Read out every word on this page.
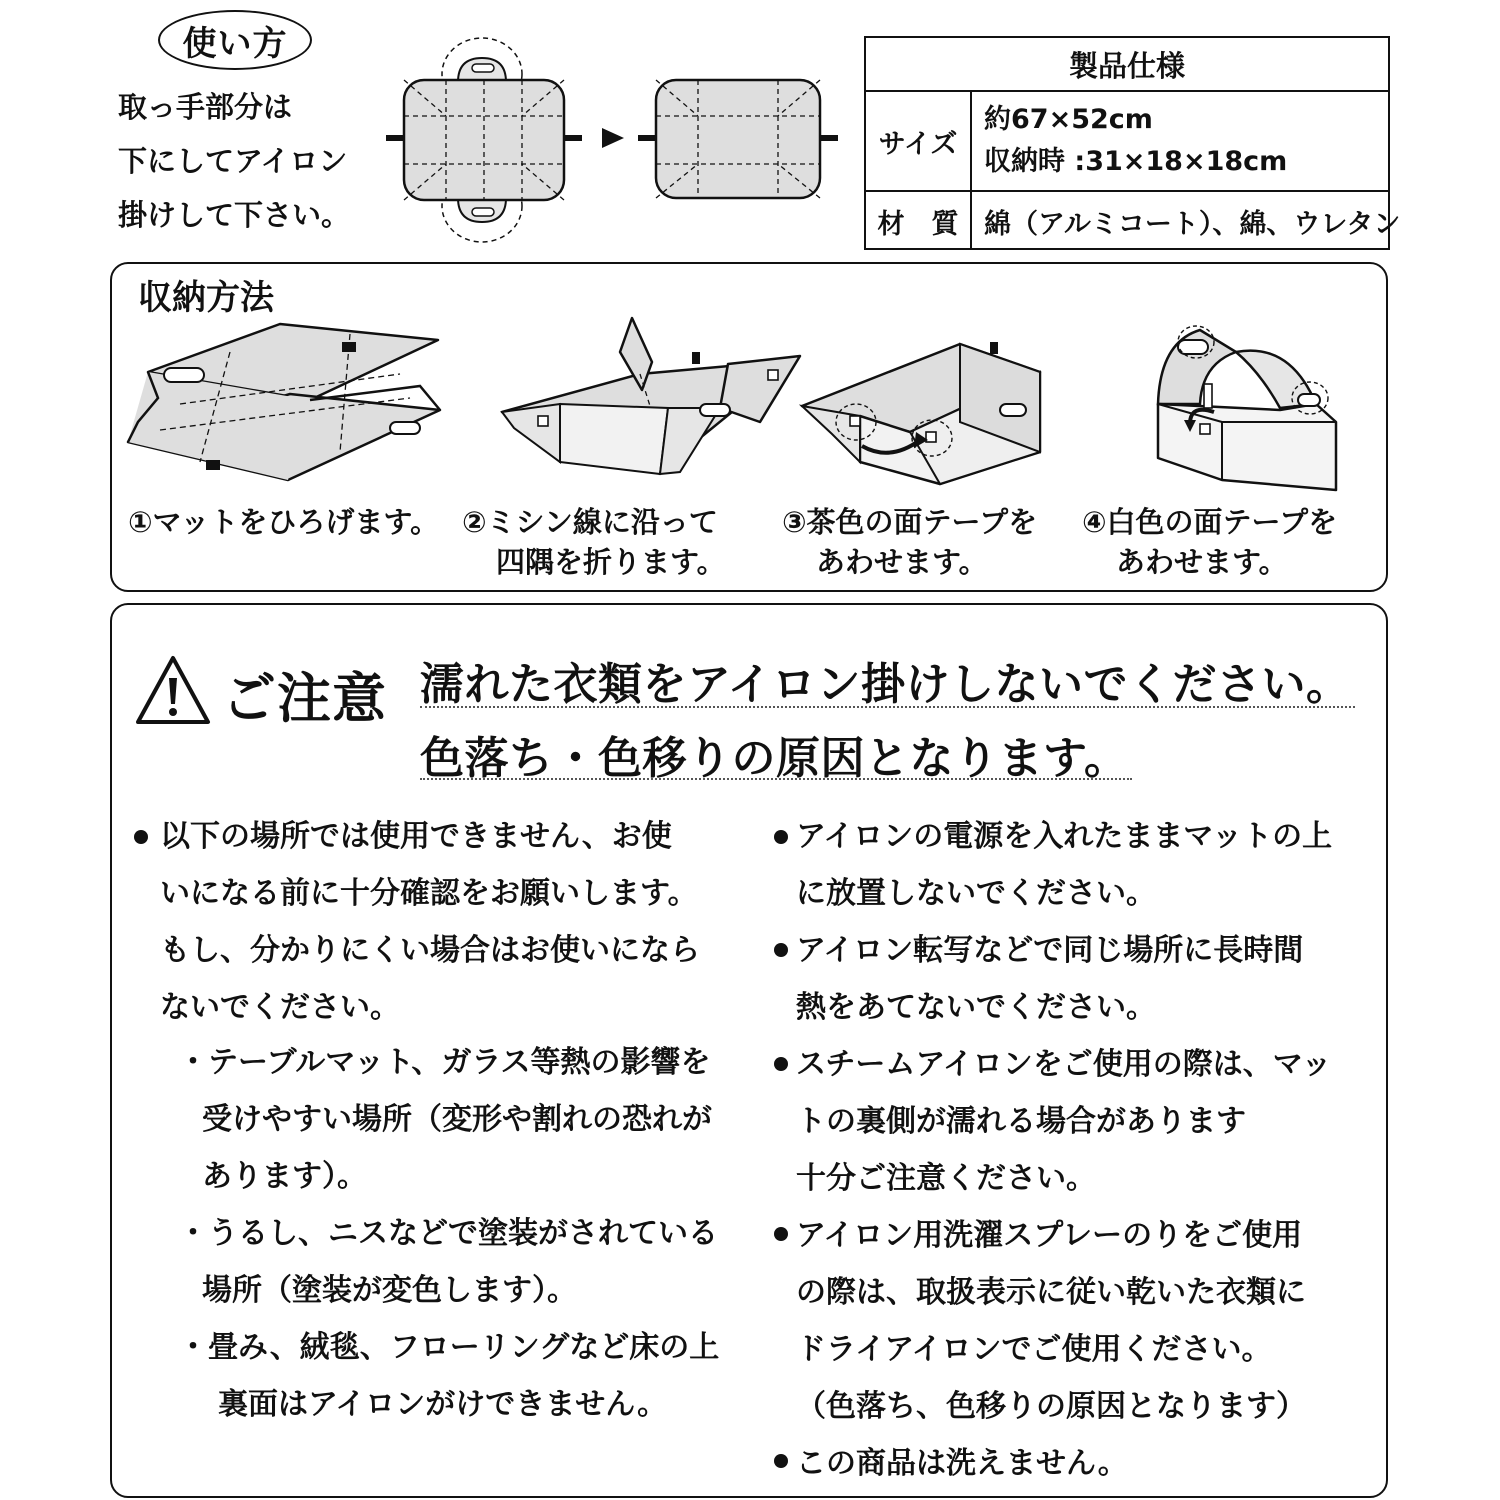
使い方
取っ手部分は
下にしてアイロン
掛けして下さい。
製品仕様
サイズ
約67×52cm
収納時 :31×18×18cm
材　質 綿（アルミコート）、綿、ウレタン
収納方法
①マットをひろげます。 ②ミシン線に沿って
四隅を折ります。
③茶色の面テープを
あわせます。
④白色の面テープを
あわせます。
ご注意 濡れた衣類をアイロン掛けしないでください。
色落ち・色移りの原因となります。
以下の場所では使用できません、お使
いになる前に十分確認をお願いします。
もし、分かりにくい場合はお使いになら
ないでください。
・テーブルマット、ガラス等熱の影響を
受けやすい場所（変形や割れの恐れが
あります）。
・うるし、ニスなどで塗装がされている
場所（塗装が変色します）。
・畳み、絨毯、フローリングなど床の上
裏面はアイロンがけできません。
アイロンの電源を入れたままマットの上
に放置しないでください。
アイロン転写などで同じ場所に長時間
熱をあてないでください。
スチームアイロンをご使用の際は、マッ
トの裏側が濡れる場合があります
十分ご注意ください。
アイロン用洗濯スプレーのりをご使用
の際は、取扱表示に従い乾いた衣類に
ドライアイロンでご使用ください。
（色落ち、色移りの原因となります）
この商品は洗えません。
